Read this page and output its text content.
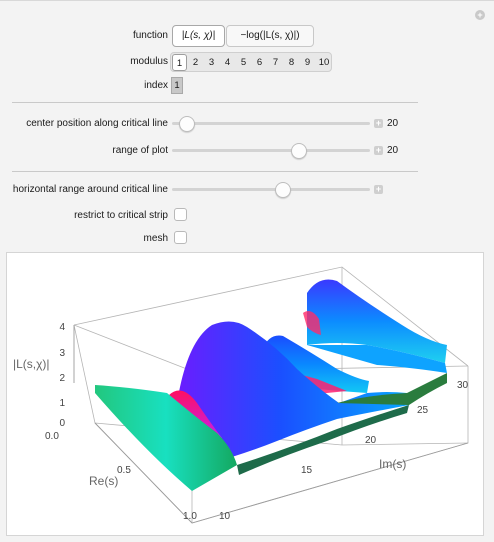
+
function	|L(s, χ)|	−log(|L(s, χ)|)
modulus 1	2	3	4	5	6	7	8	9 10
index 1
center position along critical line	+ 20
range of plot	+ 20
horizontal range around critical line	+
restrict to critical strip
mesh
4
3
2
1
0
|L(s,χ)|
0.0
0.5
1.0
Re(s)
10
15
20
25
30
Im(s)
